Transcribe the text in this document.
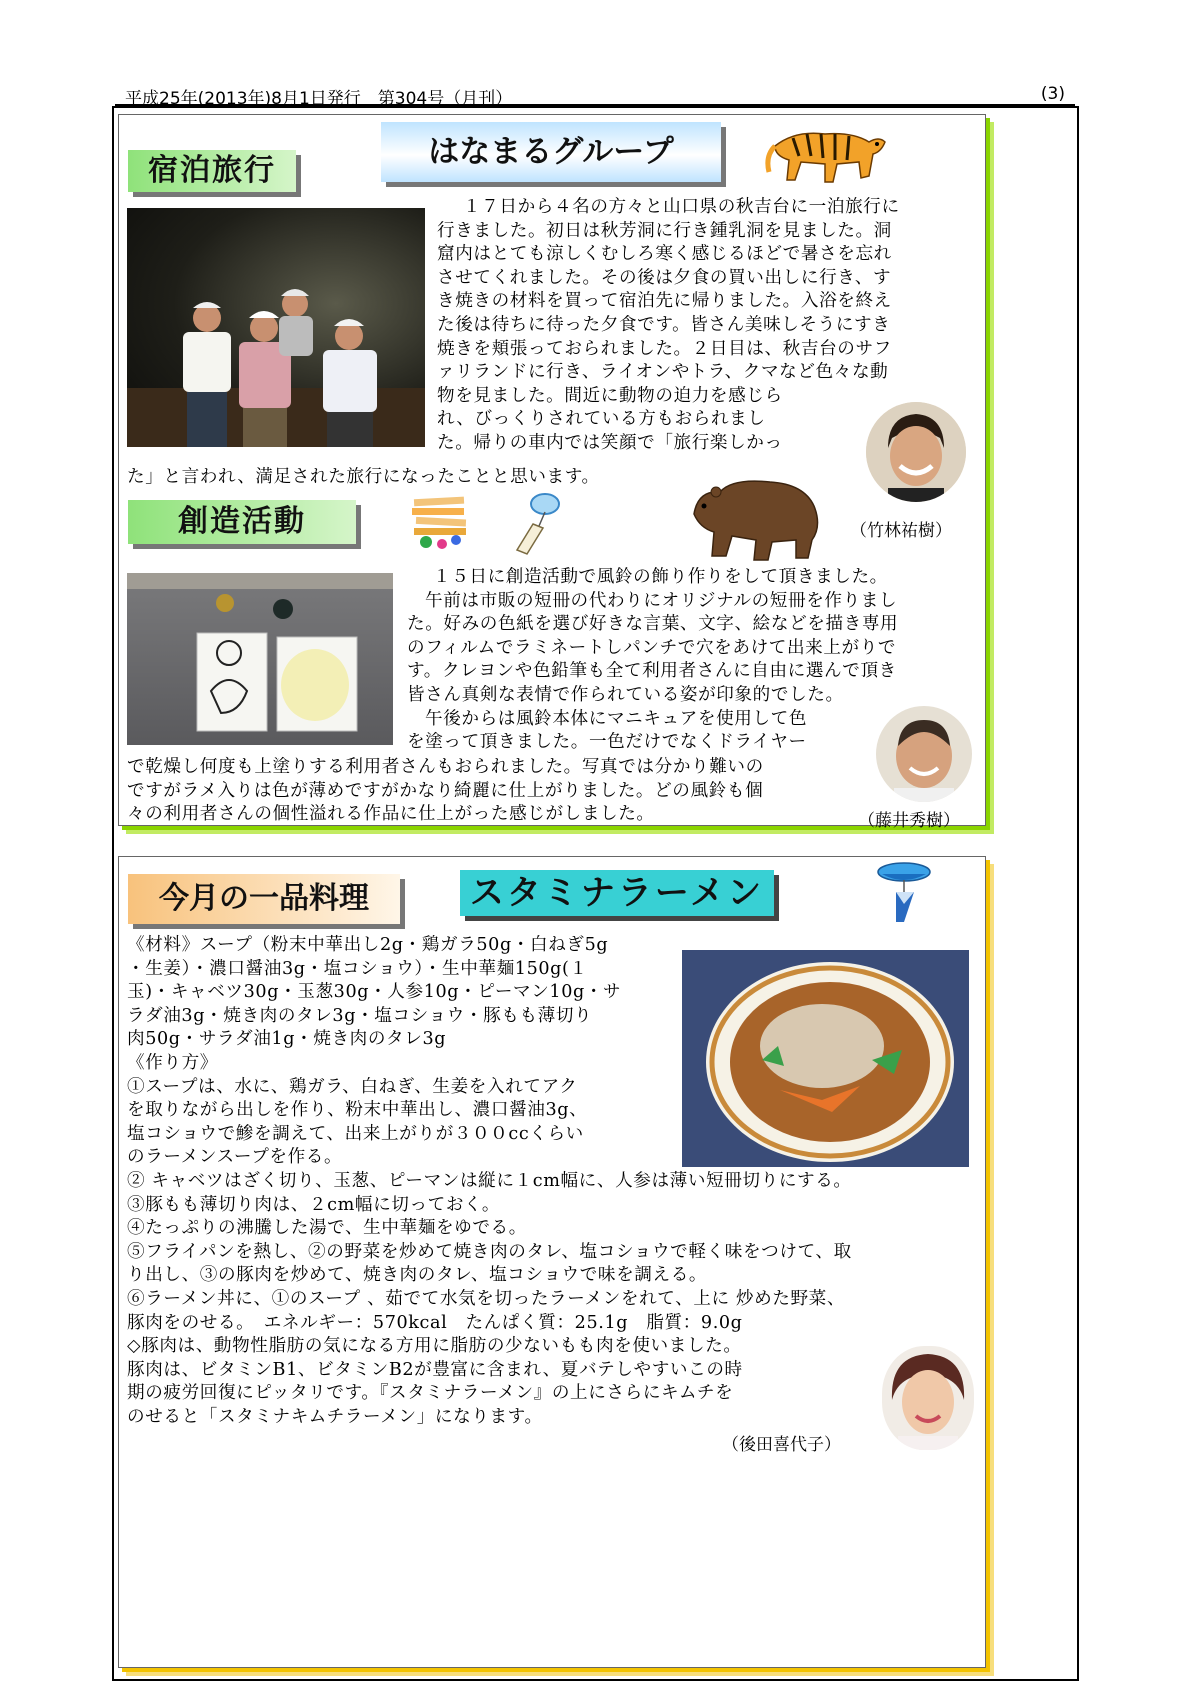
平成25年(2013年)8月1日発行　第304号（月刊）	(3)
宿泊旅行
はなまるグループ
１７日から４名の方々と山口県の秋吉台に一泊旅行に
行きました。初日は秋芳洞に行き鍾乳洞を見ました。洞
窟内はとても涼しくむしろ寒く感じるほどで暑さを忘れ
させてくれました。その後は夕食の買い出しに行き、す
き焼きの材料を買って宿泊先に帰りました。入浴を終え
た後は待ちに待った夕食です。皆さん美味しそうにすき
焼きを頬張っておられました。２日目は、秋吉台のサフ
ァリランドに行き、ライオンやトラ、クマなど色々な動
物を見ました。間近に動物の迫力を感じら
れ、びっくりされている方もおられまし
た。帰りの車内では笑顔で「旅行楽しかっ
た」と言われ、満足された旅行になったことと思います。
（竹林祐樹）
創造活動
１５日に創造活動で風鈴の飾り作りをして頂きました。
午前は市販の短冊の代わりにオリジナルの短冊を作りまし
た。好みの色紙を選び好きな言葉、文字、絵などを描き専用
のフィルムでラミネートしパンチで穴をあけて出来上がりで
す。クレヨンや色鉛筆も全て利用者さんに自由に選んで頂き
皆さん真剣な表情で作られている姿が印象的でした。
午後からは風鈴本体にマニキュアを使用して色
を塗って頂きました。一色だけでなくドライヤー
で乾燥し何度も上塗りする利用者さんもおられました。写真では分かり難いの
ですがラメ入りは色が薄めですがかなり綺麗に仕上がりました。どの風鈴も個
々の利用者さんの個性溢れる作品に仕上がった感じがしました。	（藤井秀樹）
今月の一品料理	スタミナラーメン
《材料》スープ（粉末中華出し2g・鶏ガラ50g・白ねぎ5g
・生姜）・濃口醤油3g・塩コショウ）・生中華麺150g(１
玉)・キャベツ30g・玉葱30g・人参10g・ピーマン10g・サ
ラダ油3g・焼き肉のタレ3g・塩コショウ・豚もも薄切り
肉50g・サラダ油1g・焼き肉のタレ3g
《作り方》
①スープは、水に、鶏ガラ、白ねぎ、生姜を入れてアク
を取りながら出しを作り、粉末中華出し、濃口醤油3g、
塩コショウで鯵を調えて、出来上がりが３００ccくらい
のラーメンスープを作る。
② キャベツはざく切り、玉葱、ピーマンは縦に１cm幅に、人参は薄い短冊切りにする。
③豚もも薄切り肉は、２cm幅に切っておく。
④たっぷりの沸騰した湯で、生中華麺をゆでる。
⑤フライパンを熱し、②の野菜を炒めて焼き肉のタレ、塩コショウで軽く味をつけて、取
り出し、③の豚肉を炒めて、焼き肉のタレ、塩コショウで味を調える。
⑥ラーメン丼に、①のスープ 、茹でて水気を切ったラーメンをれて、上に 炒めた野菜、
豚肉をのせる。　エネルギー：570kcal　たんぱく質：25.1g　脂質：9.0g
◇豚肉は、動物性脂肪の気になる方用に脂肪の少ないもも肉を使いました。
豚肉は、ビタミンB1、ビタミンB2が豊富に含まれ、夏バテしやすいこの時
期の疲労回復にピッタリです。『スタミナラーメン』の上にさらにキムチを
のせると「スタミナキムチラーメン」になります。
（後田喜代子）
